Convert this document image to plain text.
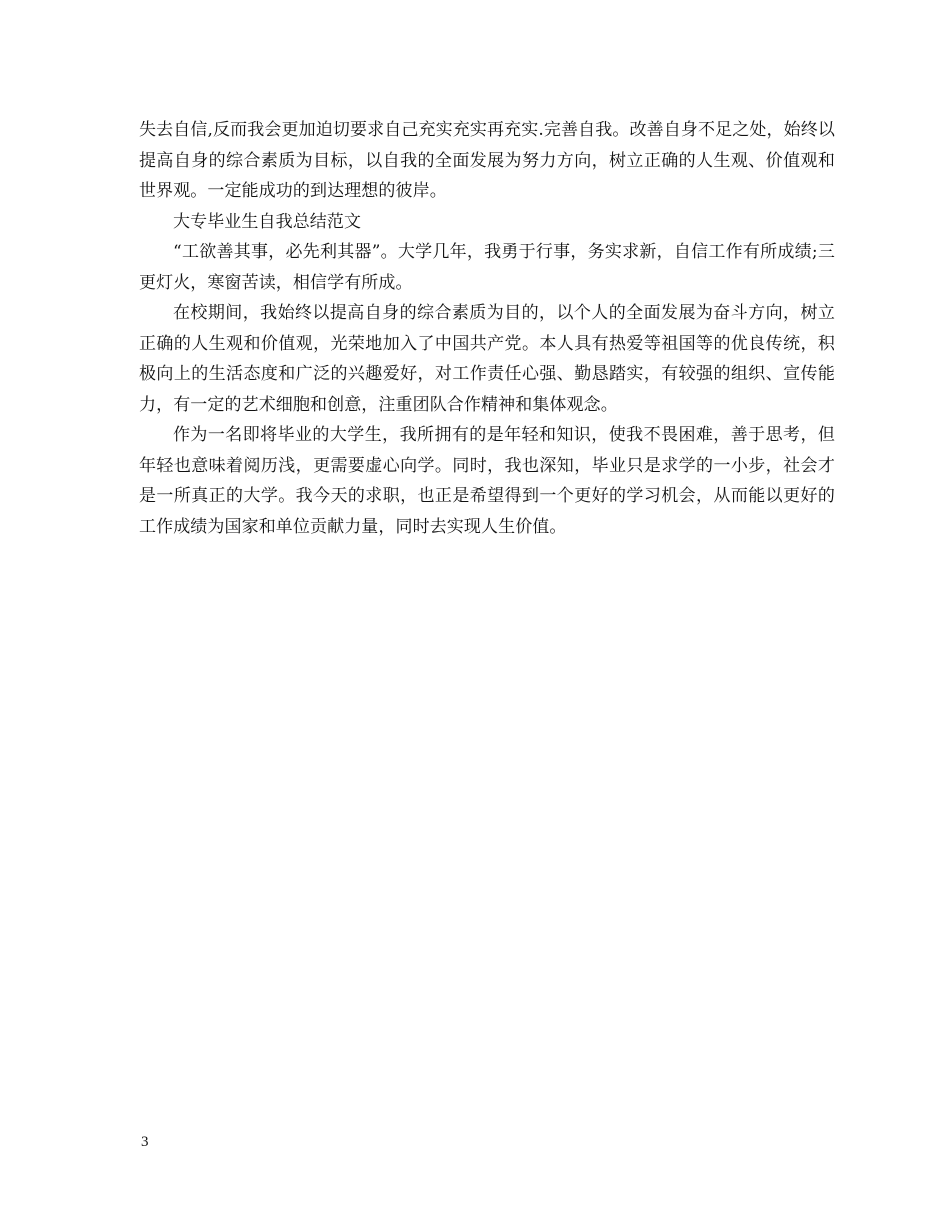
失去自信,反而我会更加迫切要求自己充实充实再充实.完善自我。改善自身不足之处，始终以提高自身的综合素质为目标，以自我的全面发展为努力方向，树立正确的人生观、价值观和世界观。一定能成功的到达理想的彼岸。

大专毕业生自我总结范文

“工欲善其事，必先利其器”。大学几年，我勇于行事，务实求新，自信工作有所成绩;三更灯火，寒窗苦读，相信学有所成。

在校期间，我始终以提高自身的综合素质为目的，以个人的全面发展为奋斗方向，树立正确的人生观和价值观，光荣地加入了中国共产党。本人具有热爱等祖国等的优良传统，积极向上的生活态度和广泛的兴趣爱好，对工作责任心强、勤恳踏实，有较强的组织、宣传能力，有一定的艺术细胞和创意，注重团队合作精神和集体观念。

作为一名即将毕业的大学生，我所拥有的是年轻和知识，使我不畏困难，善于思考，但年轻也意味着阅历浅，更需要虚心向学。同时，我也深知，毕业只是求学的一小步，社会才是一所真正的大学。我今天的求职，也正是希望得到一个更好的学习机会，从而能以更好的工作成绩为国家和单位贡献力量，同时去实现人生价值。

3
